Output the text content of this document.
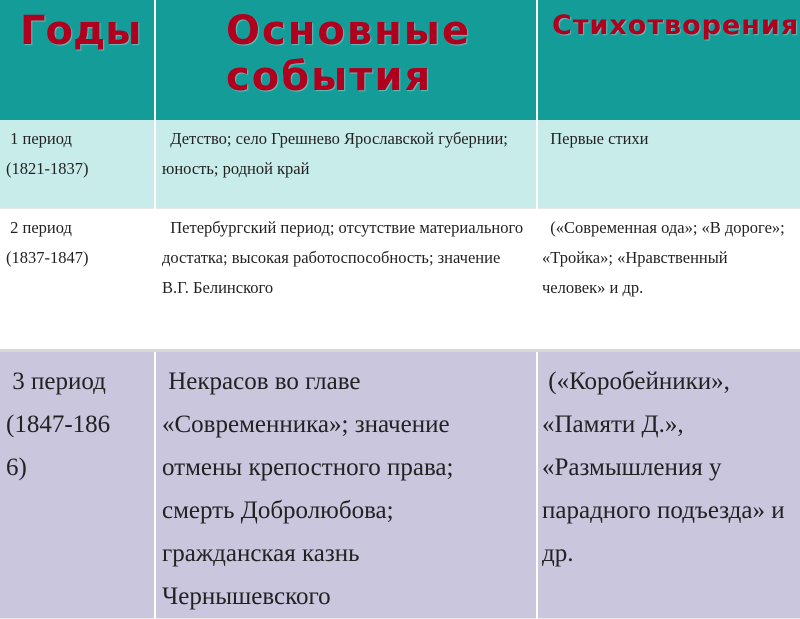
Годы	Основные события	Стихотворения

1 период
(1821-1837)	Детство; село Грешнево Ярославской губернии; юность; родной край	Первые стихи

2 период
(1837-1847)	Петербургский период; отсутствие материального достатка; высокая работоспособность; значение В.Г. Белинского	(«Современная ода»; «В дороге»; «Тройка»; «Нравственный человек» и др.

3 период
(1847-186
6)	Некрасов во главе «Современника»; значение отмены крепостного права; смерть Добролюбова; гражданская казнь Чернышевского	(«Коробейники», «Памяти Д.», «Размышления у парадного подъезда» и др.
